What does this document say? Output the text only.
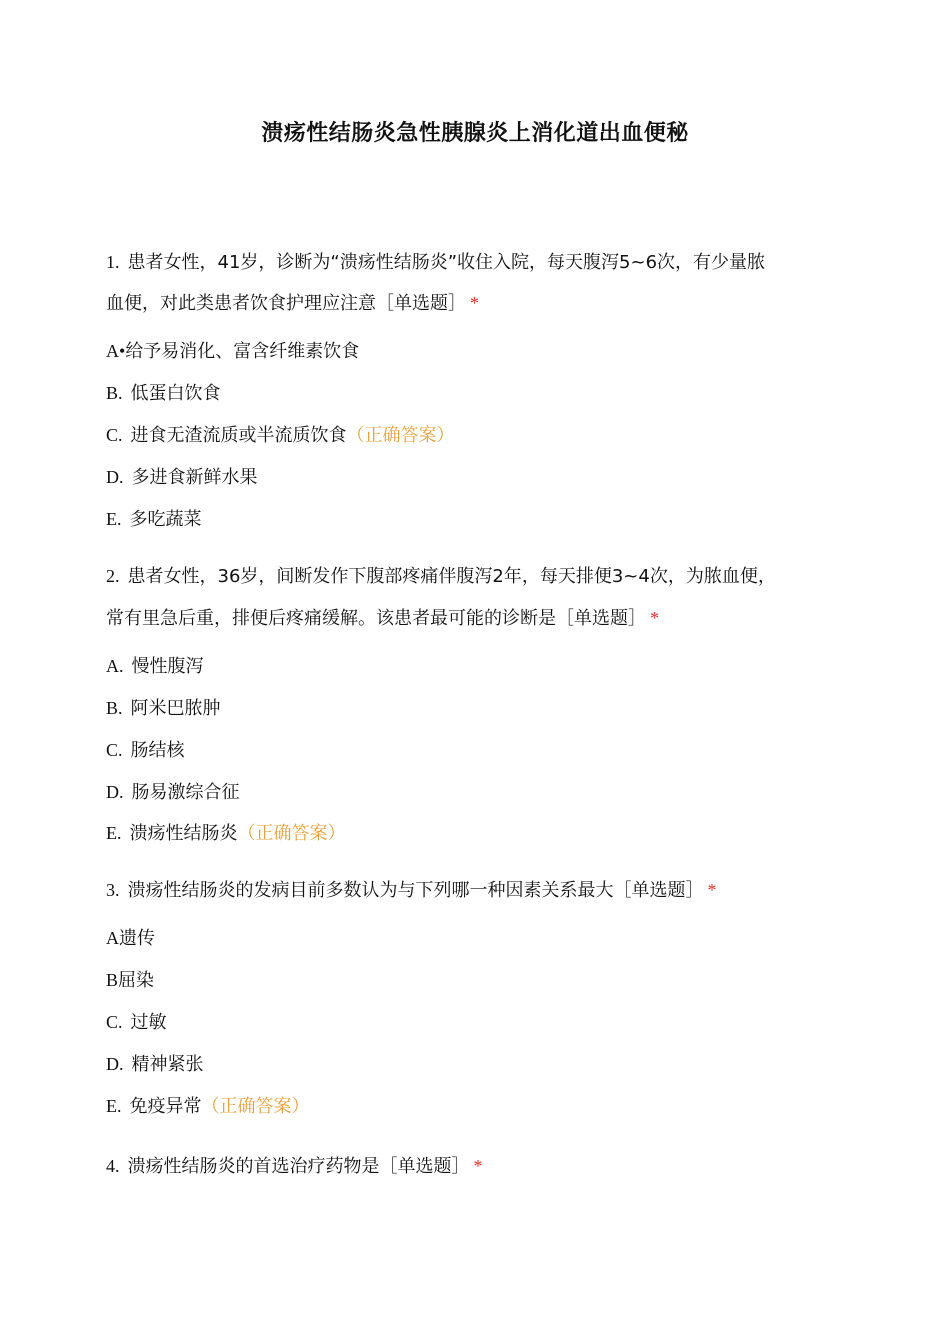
溃疡性结肠炎急性胰腺炎上消化道出血便秘
1. 患者女性，41岁，诊断为“溃疡性结肠炎”收住入院，每天腹泻5~6次，有少量脓
血便，对此类患者饮食护理应注意［单选题］ *
A•给予易消化、富含纤维素饮食
B. 低蛋白饮食
C. 进食无渣流质或半流质饮食（正确答案）
D. 多进食新鲜水果
E. 多吃蔬菜
2. 患者女性，36岁，间断发作下腹部疼痛伴腹泻2年，每天排便3~4次，为脓血便，
常有里急后重，排便后疼痛缓解。该患者最可能的诊断是［单选题］ *
A. 慢性腹泻
B. 阿米巴脓肿
C. 肠结核
D. 肠易激综合征
E. 溃疡性结肠炎（正确答案）
3. 溃疡性结肠炎的发病目前多数认为与下列哪一种因素关系最大［单选题］ *
A遗传
B屈染
C. 过敏
D. 精神紧张
E. 免疫异常（正确答案）
4. 溃疡性结肠炎的首选治疗药物是［单选题］ *
